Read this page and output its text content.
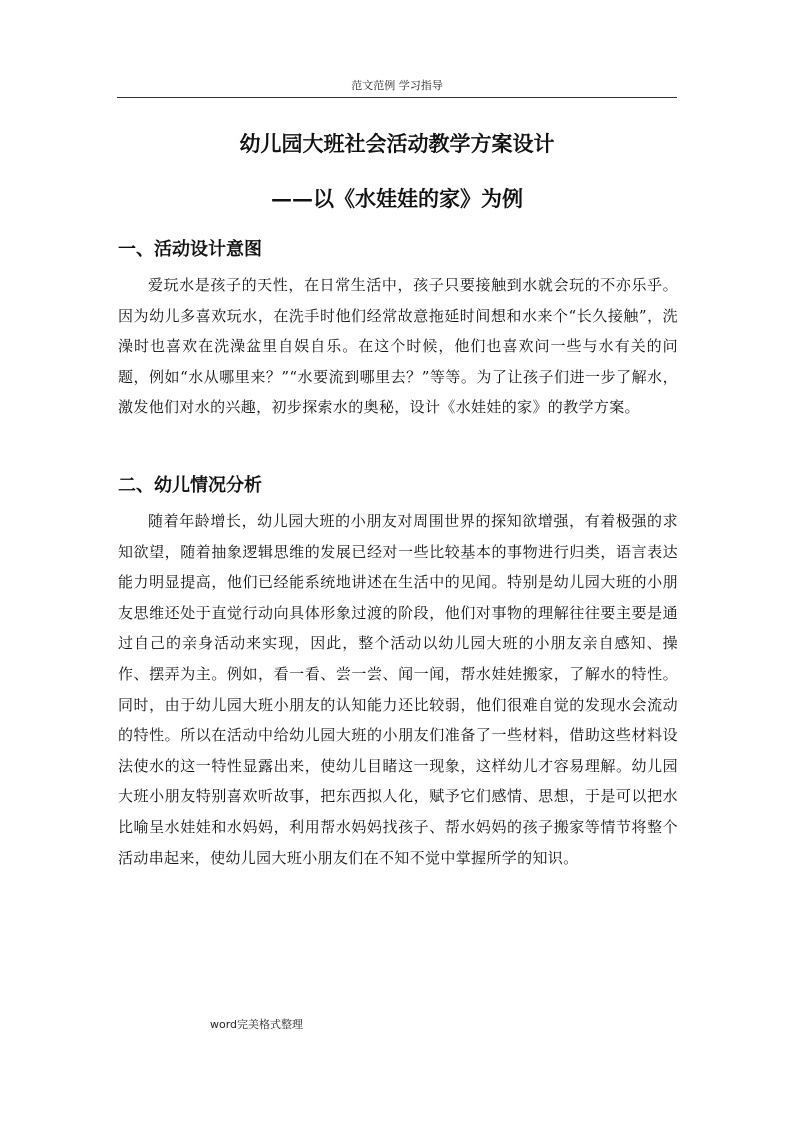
范文范例 学习指导
幼儿园大班社会活动教学方案设计
——以《水娃娃的家》为例
一、活动设计意图

爱玩水是孩子的天性，在日常生活中，孩子只要接触到水就会玩的不亦乐乎。因为幼儿多喜欢玩水，在洗手时他们经常故意拖延时间想和水来个“长久接触”，洗澡时也喜欢在洗澡盆里自娱自乐。在这个时候，他们也喜欢问一些与水有关的问题，例如“水从哪里来？”“水要流到哪里去？”等等。为了让孩子们进一步了解水，激发他们对水的兴趣，初步探索水的奥秘，设计《水娃娃的家》的教学方案。

二、幼儿情况分析

随着年龄增长，幼儿园大班的小朋友对周围世界的探知欲增强，有着极强的求知欲望，随着抽象逻辑思维的发展已经对一些比较基本的事物进行归类，语言表达能力明显提高，他们已经能系统地讲述在生活中的见闻。特别是幼儿园大班的小朋友思维还处于直觉行动向具体形象过渡的阶段，他们对事物的理解往往要主要是通过自己的亲身活动来实现，因此，整个活动以幼儿园大班的小朋友亲自感知、操作、摆弄为主。例如，看一看、尝一尝、闻一闻，帮水娃娃搬家，了解水的特性。同时，由于幼儿园大班小朋友的认知能力还比较弱，他们很难自觉的发现水会流动的特性。所以在活动中给幼儿园大班的小朋友们准备了一些材料，借助这些材料设法使水的这一特性显露出来，使幼儿目睹这一现象，这样幼儿才容易理解。幼儿园大班小朋友特别喜欢听故事，把东西拟人化，赋予它们感情、思想，于是可以把水比喻呈水娃娃和水妈妈，利用帮水妈妈找孩子、帮水妈妈的孩子搬家等情节将整个活动串起来，使幼儿园大班小朋友们在不知不觉中掌握所学的知识。

word完美格式整理
